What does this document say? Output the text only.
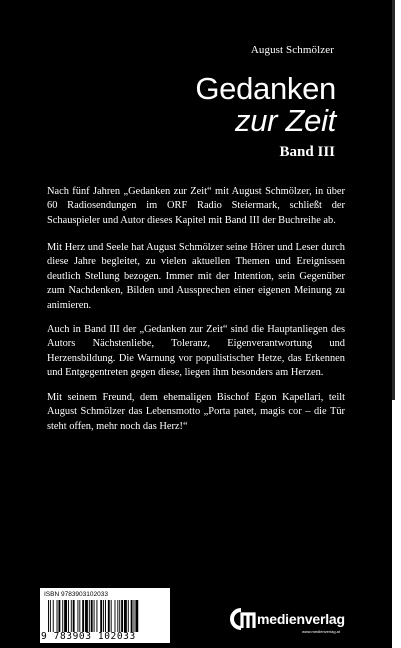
August Schmölzer
Gedanken
zur Zeit
Band III

Nach fünf Jahren „Gedanken zur Zeit“ mit August Schmölzer, in über 60 Radiosendungen im ORF Radio Steiermark, schließt der Schauspieler und Autor dieses Kapitel mit Band III der Buchreihe ab.

Mit Herz und Seele hat August Schmölzer seine Hörer und Leser durch diese Jahre begleitet, zu vielen aktuellen Themen und Ereignissen deutlich Stellung bezogen. Immer mit der Intention, sein Gegenüber zum Nachdenken, Bilden und Aussprechen einer eigenen Meinung zu animieren.

Auch in Band III der „Gedanken zur Zeit“ sind die Hauptanliegen des Autors Nächstenliebe, Toleranz, Eigenverantwortung und Herzensbildung. Die Warnung vor populistischer Hetze, das Erkennen und Entgegentreten gegen diese, liegen ihm besonders am Herzen.

Mit seinem Freund, dem ehemaligen Bischof Egon Kapellari, teilt August Schmölzer das Lebensmotto „Porta patet, magis cor – die Tür steht offen, mehr noch das Herz!“

ISBN 9783903102033
9 783903 102033
cm
medienverlag
www.medienverlag.at
